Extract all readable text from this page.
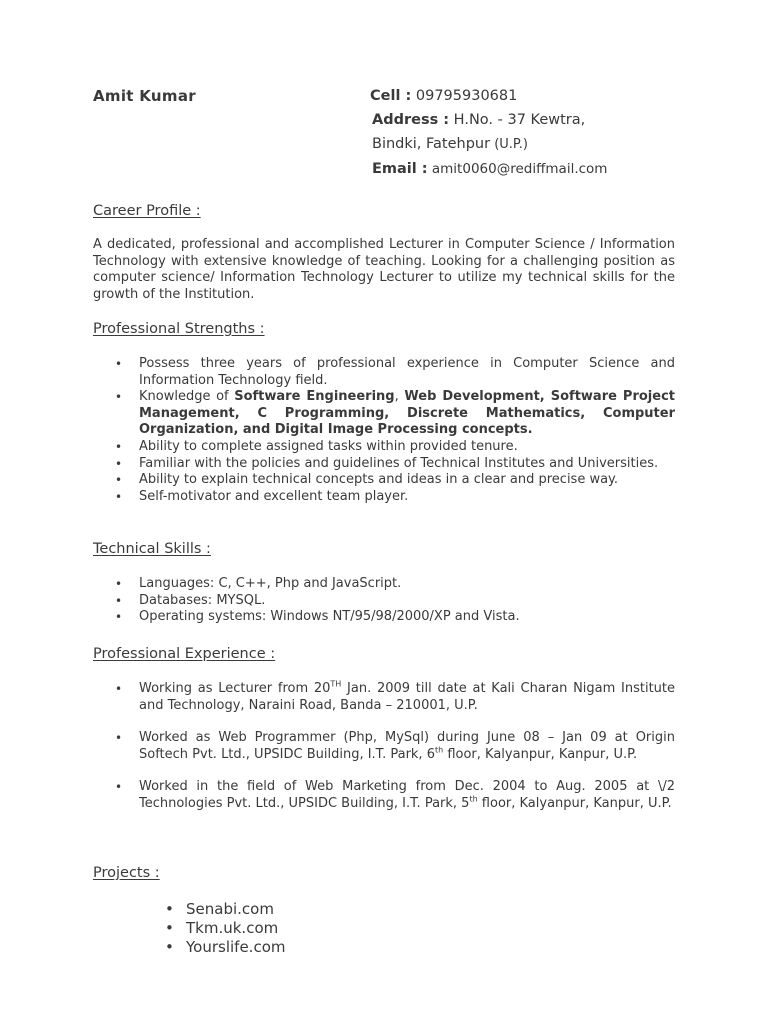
Amit Kumar	Cell : 09795930681
Address : H.No. - 37 Kewtra,
Bindki, Fatehpur (U.P.)
Email : amit0060@rediffmail.com
Career Profile :
A dedicated, professional and accomplished Lecturer in Computer Science / Information Technology with extensive knowledge of teaching. Looking for a challenging position as computer science/ Information Technology Lecturer to utilize my technical skills for the growth of the Institution.
Professional Strengths :
• Possess three years of professional experience in Computer Science and Information Technology field.
• Knowledge of Software Engineering, Web Development, Software Project Management, C Programming, Discrete Mathematics, Computer Organization, and Digital Image Processing concepts.
• Ability to complete assigned tasks within provided tenure.
• Familiar with the policies and guidelines of Technical Institutes and Universities.
• Ability to explain technical concepts and ideas in a clear and precise way.
• Self-motivator and excellent team player.
Technical Skills :
• Languages: C, C++, Php and JavaScript.
• Databases: MYSQL.
• Operating systems: Windows NT/95/98/2000/XP and Vista.
Professional Experience :
• Working as Lecturer from 20TH Jan. 2009 till date at Kali Charan Nigam Institute and Technology, Naraini Road, Banda – 210001, U.P.
• Worked as Web Programmer (Php, MySql) during June 08 – Jan 09 at Origin Softech Pvt. Ltd., UPSIDC Building, I.T. Park, 6th floor, Kalyanpur, Kanpur, U.P.
• Worked in the field of Web Marketing from Dec. 2004 to Aug. 2005 at \/2 Technologies Pvt. Ltd., UPSIDC Building, I.T. Park, 5th floor, Kalyanpur, Kanpur, U.P.
Projects :
• Senabi.com
• Tkm.uk.com
• Yourslife.com
